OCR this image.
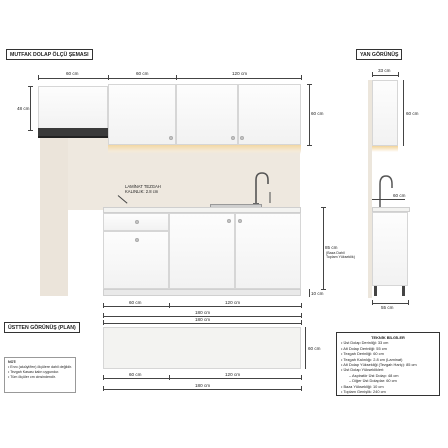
MUTFAK DOLAP ÖLÇÜ ŞEMASI	YAN GÖRÜNÜŞ
ÜSTTEN GÖRÜNÜŞ (PLAN)
60 cm	60 cm	120 cm
48 cm
60 cm
LAMİNAT TEZGAH
KALINLIK: 2.8 cm
85 cm
(Baza Dahil
Toplam Yükseklik)
10 cm
60 cm	120 cm
180 cm
33 cm
60 cm
60 cm
55 cm
180 cm
60 cm
60 cm	120 cm
180 cm
NOT:
• Ervo (aluüyl/fen) ölçülere dahil değildir.
• Tezgah Kasası kalın uygundur.
• Tüm ölçüler cm cinsindendir.
TEKNİK BİLGİLER
• Üst Dolap Derinliği: 33 cm
• Alt Dolap Derinliği: 55 cm
• Tezgah Derinliği: 60 cm
• Tezgah Kalınlığı: 2.8 cm (Laminat)
• Alt Dolap Yüksekliği (Tezgah Hariç): 85 cm
• Üst Dolap Yükseklikleri:
– Aspiratör Üst Dolap: 48 cm
– Diğer Üst Dolaplar: 60 cm
• Baza Yüksekliği: 10 cm
• Toplam Genişlik: 240 cm
